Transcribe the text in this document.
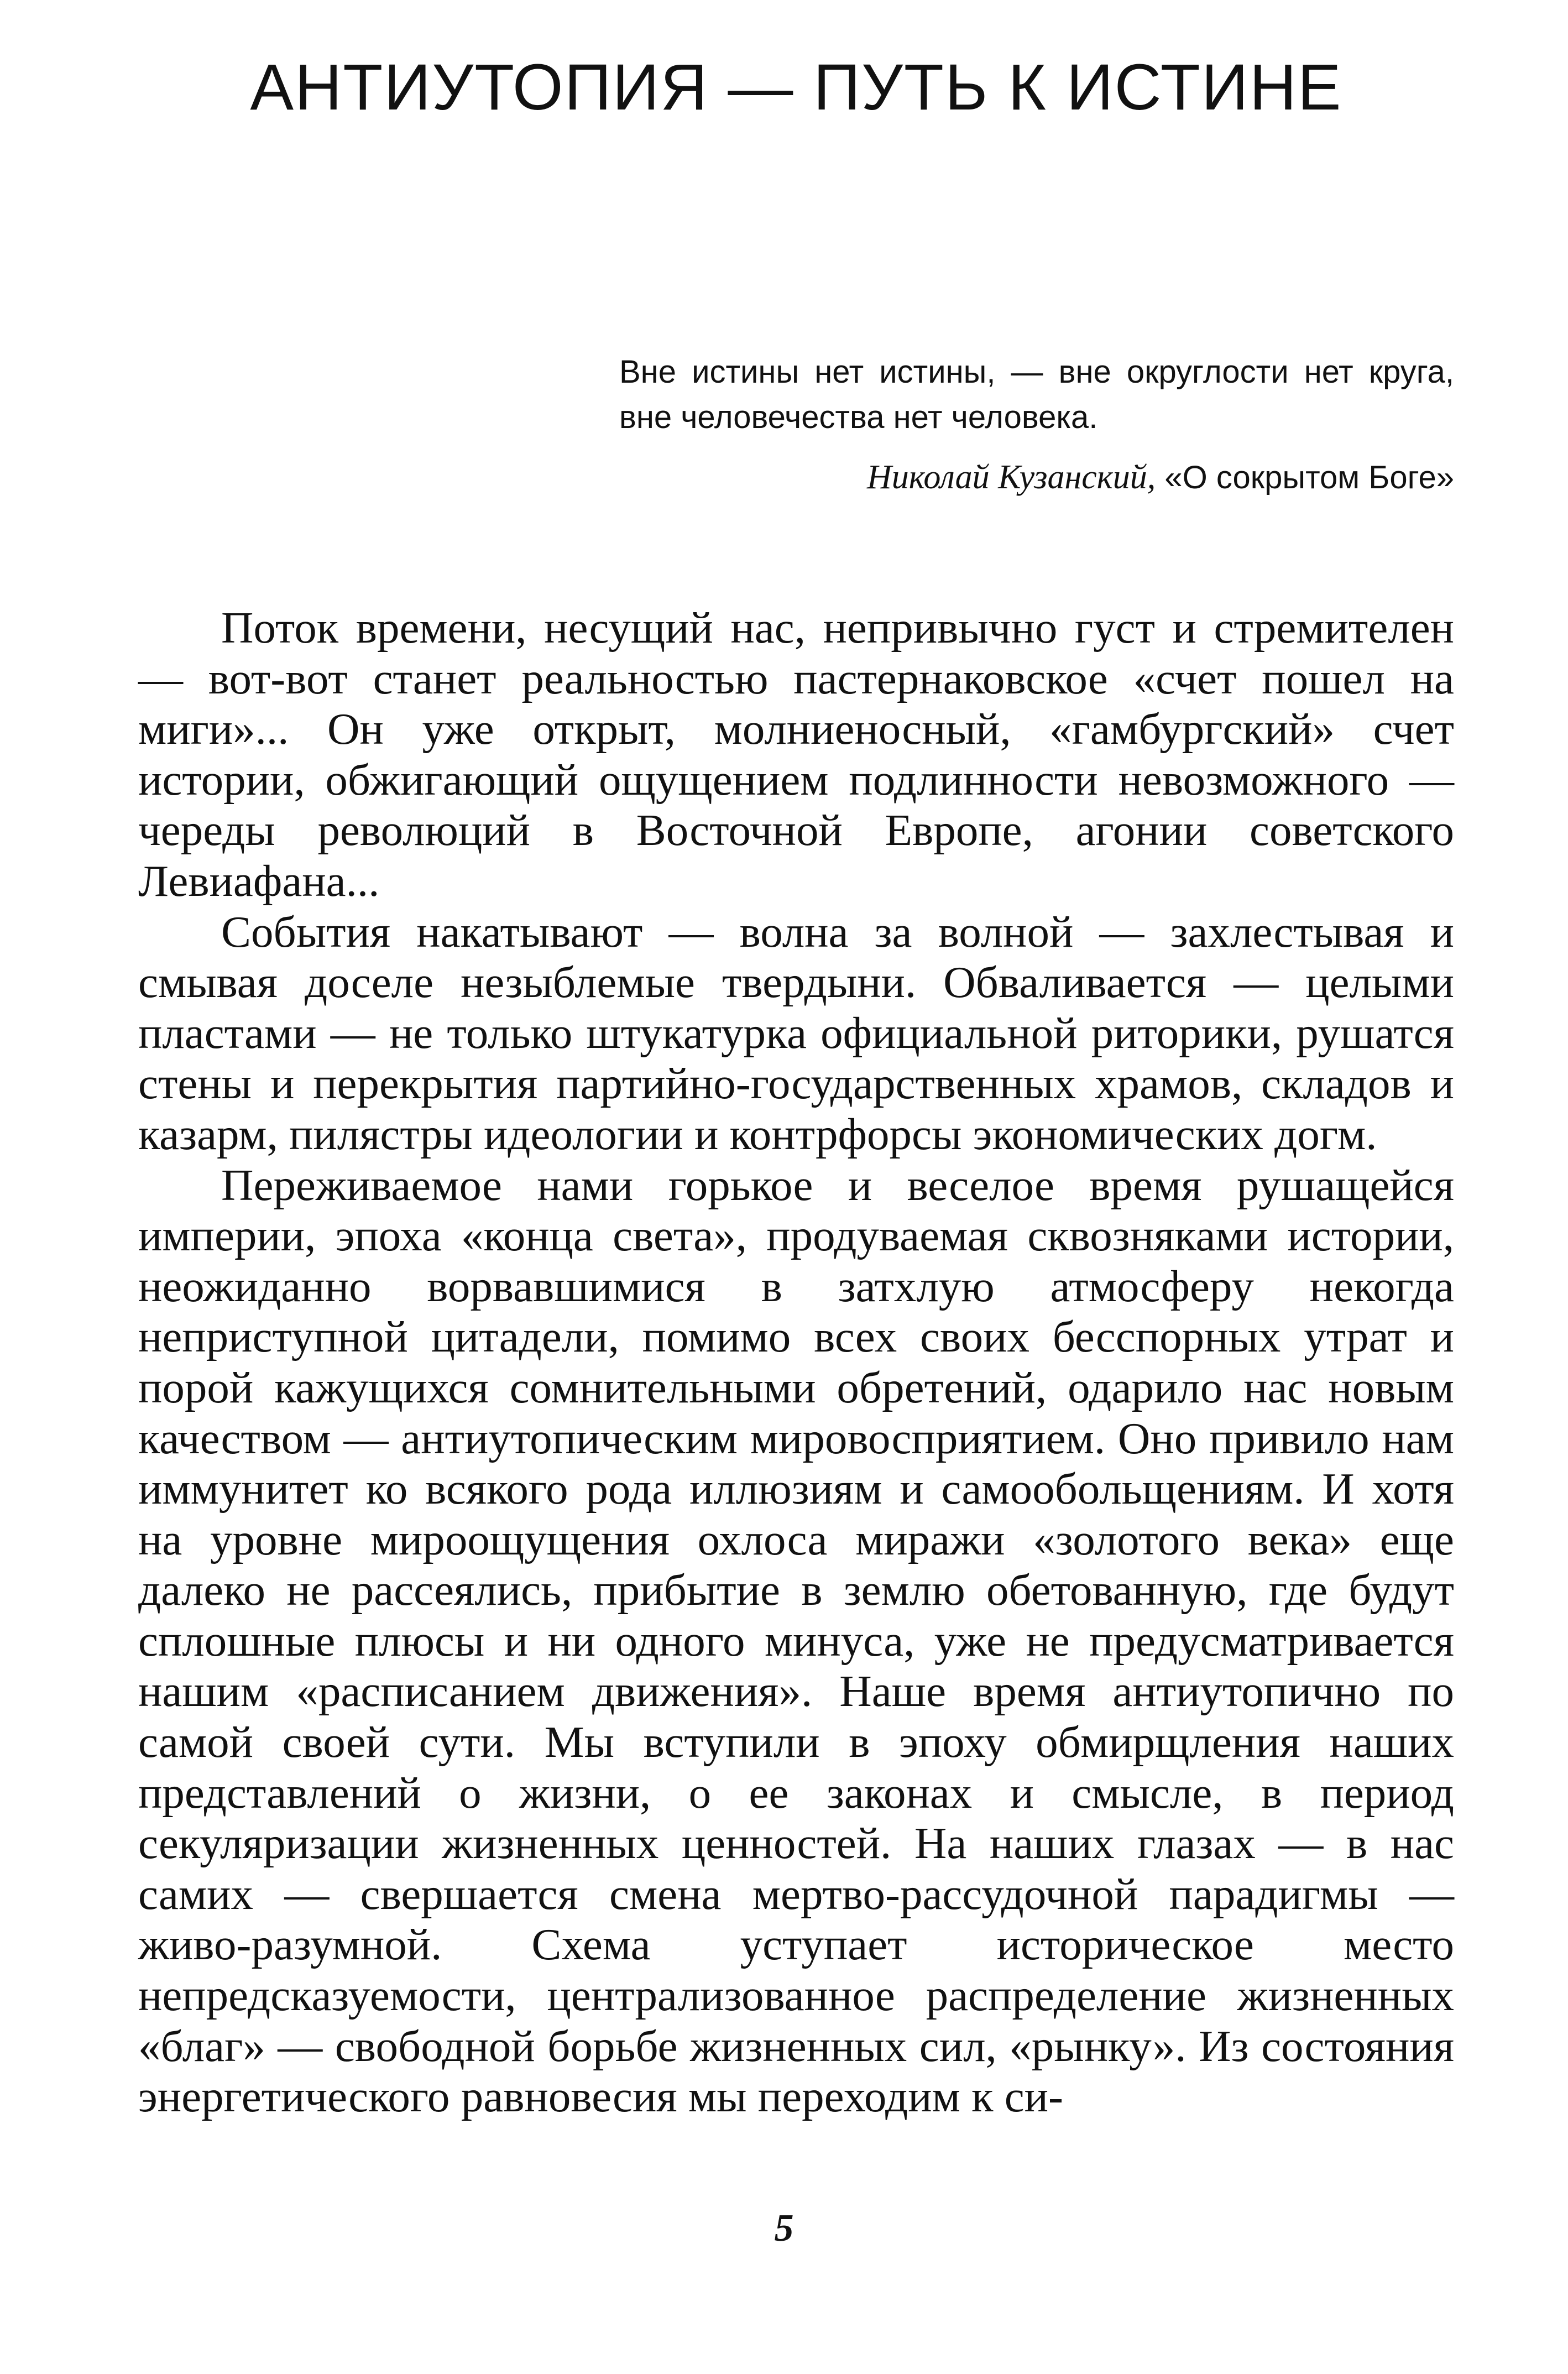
АНТИУТОПИЯ — ПУТЬ К ИСТИНЕ

Вне истины нет истины, — вне округлости нет круга, вне человечества нет человека.

Николай Кузанский, «О сокрытом Боге»

Поток времени, несущий нас, непривычно густ и стремителен — вот-вот станет реальностью пастернаковское «счет пошел на миги»... Он уже открыт, молниеносный, «гамбургский» счет истории, обжигающий ощущением подлинности невозможного — череды революций в Восточной Европе, агонии советского Левиафана...

События накатывают — волна за волной — захлестывая и смывая доселе незыблемые твердыни. Обваливается — целыми пластами — не только штукатурка официальной риторики, рушатся стены и перекрытия партийно-государственных храмов, складов и казарм, пилястры идеологии и контрфорсы экономических догм.

Переживаемое нами горькое и веселое время рушащейся империи, эпоха «конца света», продуваемая сквозняками истории, неожиданно ворвавшимися в затхлую атмосферу некогда неприступной цитадели, помимо всех своих бесспорных утрат и порой кажущихся сомнительными обретений, одарило нас новым качеством — антиутопическим мировосприятием. Оно привило нам иммунитет ко всякого рода иллюзиям и самообольщениям. И хотя на уровне мироощущения охлоса миражи «золотого века» еще далеко не рассеялись, прибытие в землю обетованную, где будут сплошные плюсы и ни одного минуса, уже не предусматривается нашим «расписанием движения». Наше время антиутопично по самой своей сути. Мы вступили в эпоху обмирщления наших представлений о жизни, о ее законах и смысле, в период секуляризации жизненных ценностей. На наших глазах — в нас самих — свершается смена мертво-рассудочной парадигмы — живо-разумной. Схема уступает историческое место непредсказуемости, централизованное распределение жизненных «благ» — свободной борьбе жизненных сил, «рынку». Из состояния энергетического равновесия мы переходим к си-

5
